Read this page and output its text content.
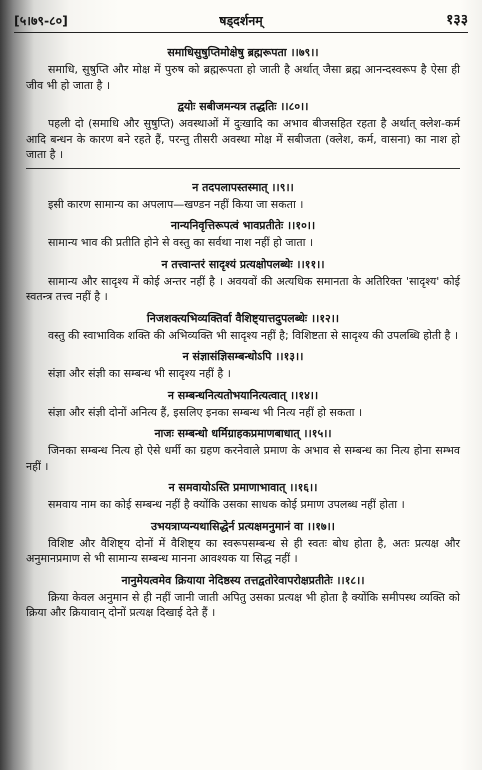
[५।७९-८०]	षड्दर्शनम्	१३३

समाधिसुषुप्तिमोक्षेषु ब्रह्मरूपता ।।७९।।

समाधि, सुषुप्ति और मोक्ष में पुरुष को ब्रह्मरूपता हो जाती है अर्थात् जैसा ब्रह्म आनन्दस्वरूप है ऐसा ही जीव भी हो जाता है ।

द्वयोः सबीजमन्यत्र तद्धतिः ।।८०।।

पहली दो (समाधि और सुषुप्ति) अवस्थाओं में दुःखादि का अभाव बीजसहित रहता है अर्थात् क्लेश-कर्म आदि बन्धन के कारण बने रहते हैं, परन्तु तीसरी अवस्था मोक्ष में सबीजता (क्लेश, कर्म, वासना) का नाश हो जाता है ।

न तदपलापस्तस्मात् ।।९।।

इसी कारण सामान्य का अपलाप—खण्डन नहीं किया जा सकता ।

नान्यनिवृत्तिरूपत्वं भावप्रतीतेः ।।१०।।

सामान्य भाव की प्रतीति होने से वस्तु का सर्वथा नाश नहीं हो जाता ।

न तत्त्वान्तरं सादृश्यं प्रत्यक्षोपलब्धेः ।।११।।

सामान्य और सादृश्य में कोई अन्तर नहीं है । अवयवों की अत्यधिक समानता के अतिरिक्त 'सादृश्य' कोई स्वतन्त्र तत्त्व नहीं है ।

निजशक्त्यभिव्यक्तिर्वा वैशिष्ट्यात्तदुपलब्धेः ।।१२।।

वस्तु की स्वाभाविक शक्ति की अभिव्यक्ति भी सादृश्य नहीं है; विशिष्टता से सादृश्य की उपलब्धि होती है ।

न संज्ञासंज्ञिसम्बन्धोऽपि ।।१३।।

संज्ञा और संज्ञी का सम्बन्ध भी सादृश्य नहीं है ।

न सम्बन्धनित्यतोभयानित्यत्वात् ।।१४।।

संज्ञा और संज्ञी दोनों अनित्य हैं, इसलिए इनका सम्बन्ध भी नित्य नहीं हो सकता ।

नाजः सम्बन्धो धर्मिग्राहकप्रमाणबाधात् ।।१५।।

जिनका सम्बन्ध नित्य हो ऐसे धर्मी का ग्रहण करनेवाले प्रमाण के अभाव से सम्बन्ध का नित्य होना सम्भव नहीं ।

न समवायोऽस्ति प्रमाणाभावात् ।।१६।।

समवाय नाम का कोई सम्बन्ध नहीं है क्योंकि उसका साधक कोई प्रमाण उपलब्ध नहीं होता ।

उभयत्राप्यन्यथासिद्धेर्न प्रत्यक्षमनुमानं वा ।।१७।।

विशिष्ट और वैशिष्ट्य दोनों में वैशिष्ट्य का स्वरूपसम्बन्ध से ही स्वतः बोध होता है, अतः प्रत्यक्ष और अनुमानप्रमाण से भी सामान्य सम्बन्ध मानना आवश्यक या सिद्ध नहीं ।

नानुमेयत्वमेव क्रियाया नेदिष्ठस्य तत्तद्वतोरेवापरोक्षप्रतीतेः ।।१८।।

क्रिया केवल अनुमान से ही नहीं जानी जाती अपितु उसका प्रत्यक्ष भी होता है क्योंकि समीपस्थ व्यक्ति को क्रिया और क्रियावान् दोनों प्रत्यक्ष दिखाई देते हैं ।
